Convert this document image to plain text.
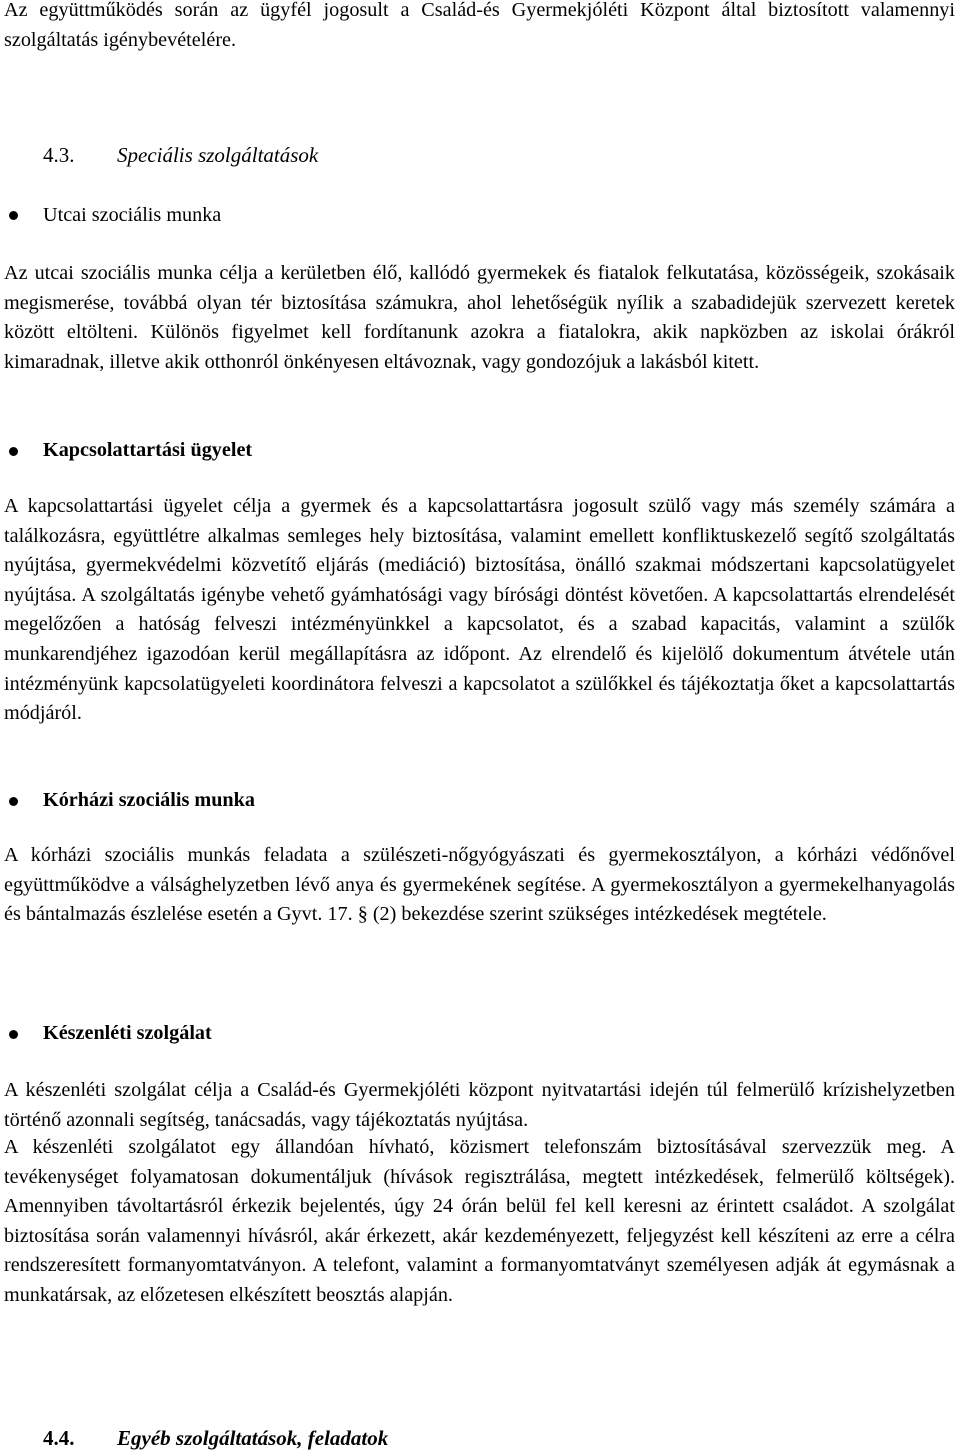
Az együttműködés során az ügyfél jogosult a Család-és Gyermekjóléti Központ által biztosított valamennyi szolgáltatás igénybevételére.

4.3. Speciális szolgáltatások

Utcai szociális munka

Az utcai szociális munka célja a kerületben élő, kallódó gyermekek és fiatalok felkutatása, közösségeik, szokásaik megismerése, továbbá olyan tér biztosítása számukra, ahol lehetőségük nyílik a szabadidejük szervezett keretek között eltölteni. Különös figyelmet kell fordítanunk azokra a fiatalokra, akik napközben az iskolai órákról kimaradnak, illetve akik otthonról önkényesen eltávoznak, vagy gondozójuk a lakásból kitett.

Kapcsolattartási ügyelet

A kapcsolattartási ügyelet célja a gyermek és a kapcsolattartásra jogosult szülő vagy más személy számára a találkozásra, együttlétre alkalmas semleges hely biztosítása, valamint emellett konfliktuskezelő segítő szolgáltatás nyújtása, gyermekvédelmi közvetítő eljárás (mediáció) biztosítása, önálló szakmai módszertani kapcsolatügyelet nyújtása. A szolgáltatás igénybe vehető gyámhatósági vagy bírósági döntést követően. A kapcsolattartás elrendelését megelőzően a hatóság felveszi intézményünkkel a kapcsolatot, és a szabad kapacitás, valamint a szülők munkarendjéhez igazodóan kerül megállapításra az időpont. Az elrendelő és kijelölő dokumentum átvétele után intézményünk kapcsolatügyeleti koordinátora felveszi a kapcsolatot a szülőkkel és tájékoztatja őket a kapcsolattartás módjáról.

Kórházi szociális munka

A kórházi szociális munkás feladata a szülészeti-nőgyógyászati és gyermekosztályon, a kórházi védőnővel együttműködve a válsághelyzetben lévő anya és gyermekének segítése. A gyermekosztályon a gyermekelhanyagolás és bántalmazás észlelése esetén a Gyvt. 17. § (2) bekezdése szerint szükséges intézkedések megtétele.

Készenléti szolgálat

A készenléti szolgálat célja a Család-és Gyermekjóléti központ nyitvatartási idején túl felmerülő krízishelyzetben történő azonnali segítség, tanácsadás, vagy tájékoztatás nyújtása.

A készenléti szolgálatot egy állandóan hívható, közismert telefonszám biztosításával szervezzük meg. A tevékenységet folyamatosan dokumentáljuk (hívások regisztrálása, megtett intézkedések, felmerülő költségek). Amennyiben távoltartásról érkezik bejelentés, úgy 24 órán belül fel kell keresni az érintett családot. A szolgálat biztosítása során valamennyi hívásról, akár érkezett, akár kezdeményezett, feljegyzést kell készíteni az erre a célra rendszeresített formanyomtatványon. A telefont, valamint a formanyomtatványt személyesen adják át egymásnak a munkatársak, az előzetesen elkészített beosztás alapján.

4.4. Egyéb szolgáltatások, feladatok
